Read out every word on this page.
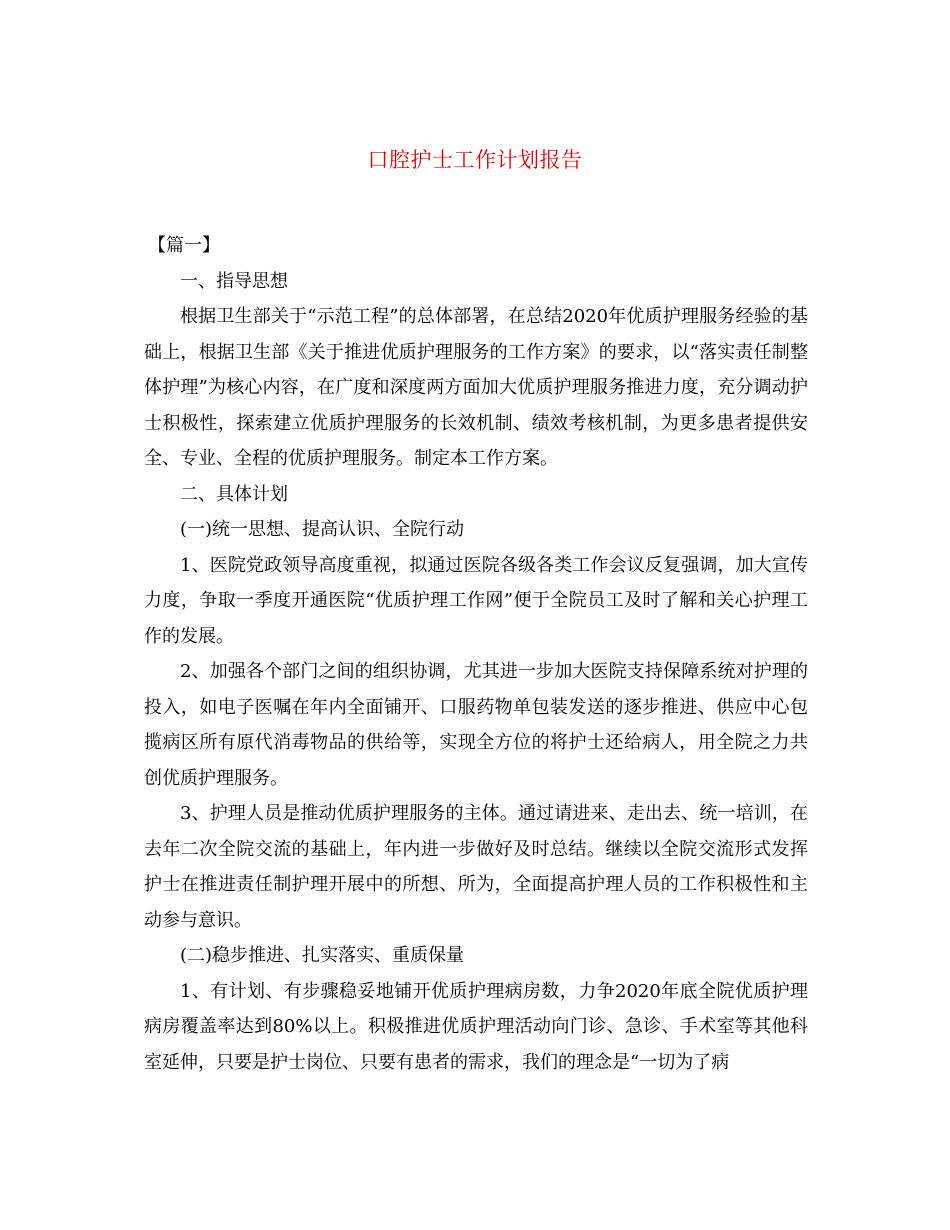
口腔护士工作计划报告

【篇一】

一、指导思想

根据卫生部关于“示范工程”的总体部署，在总结2020年优质护理服务经验的基础上，根据卫生部《关于推进优质护理服务的工作方案》的要求，以“落实责任制整体护理”为核心内容，在广度和深度两方面加大优质护理服务推进力度，充分调动护士积极性，探索建立优质护理服务的长效机制、绩效考核机制，为更多患者提供安全、专业、全程的优质护理服务。制定本工作方案。

二、具体计划

(一)统一思想、提高认识、全院行动

1、医院党政领导高度重视，拟通过医院各级各类工作会议反复强调，加大宣传力度，争取一季度开通医院“优质护理工作网”便于全院员工及时了解和关心护理工作的发展。

2、加强各个部门之间的组织协调，尤其进一步加大医院支持保障系统对护理的投入，如电子医嘱在年内全面铺开、口服药物单包装发送的逐步推进、供应中心包揽病区所有原代消毒物品的供给等，实现全方位的将护士还给病人，用全院之力共创优质护理服务。

3、护理人员是推动优质护理服务的主体。通过请进来、走出去、统一培训，在去年二次全院交流的基础上，年内进一步做好及时总结。继续以全院交流形式发挥护士在推进责任制护理开展中的所想、所为，全面提高护理人员的工作积极性和主动参与意识。

(二)稳步推进、扎实落实、重质保量

1、有计划、有步骤稳妥地铺开优质护理病房数，力争2020年底全院优质护理病房覆盖率达到80%以上。积极推进优质护理活动向门诊、急诊、手术室等其他科室延伸，只要是护士岗位、只要有患者的需求，我们的理念是“一切为了病
